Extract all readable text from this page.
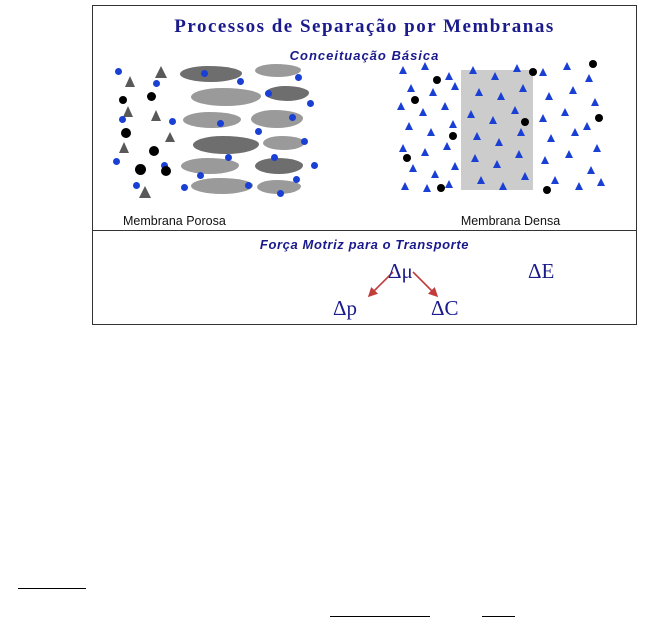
Processos de Separação por Membranas
Conceituação Básica
Membrana Porosa	Membrana Densa
Força Motriz para o Transporte
Δμ	ΔE
Δp	ΔC
